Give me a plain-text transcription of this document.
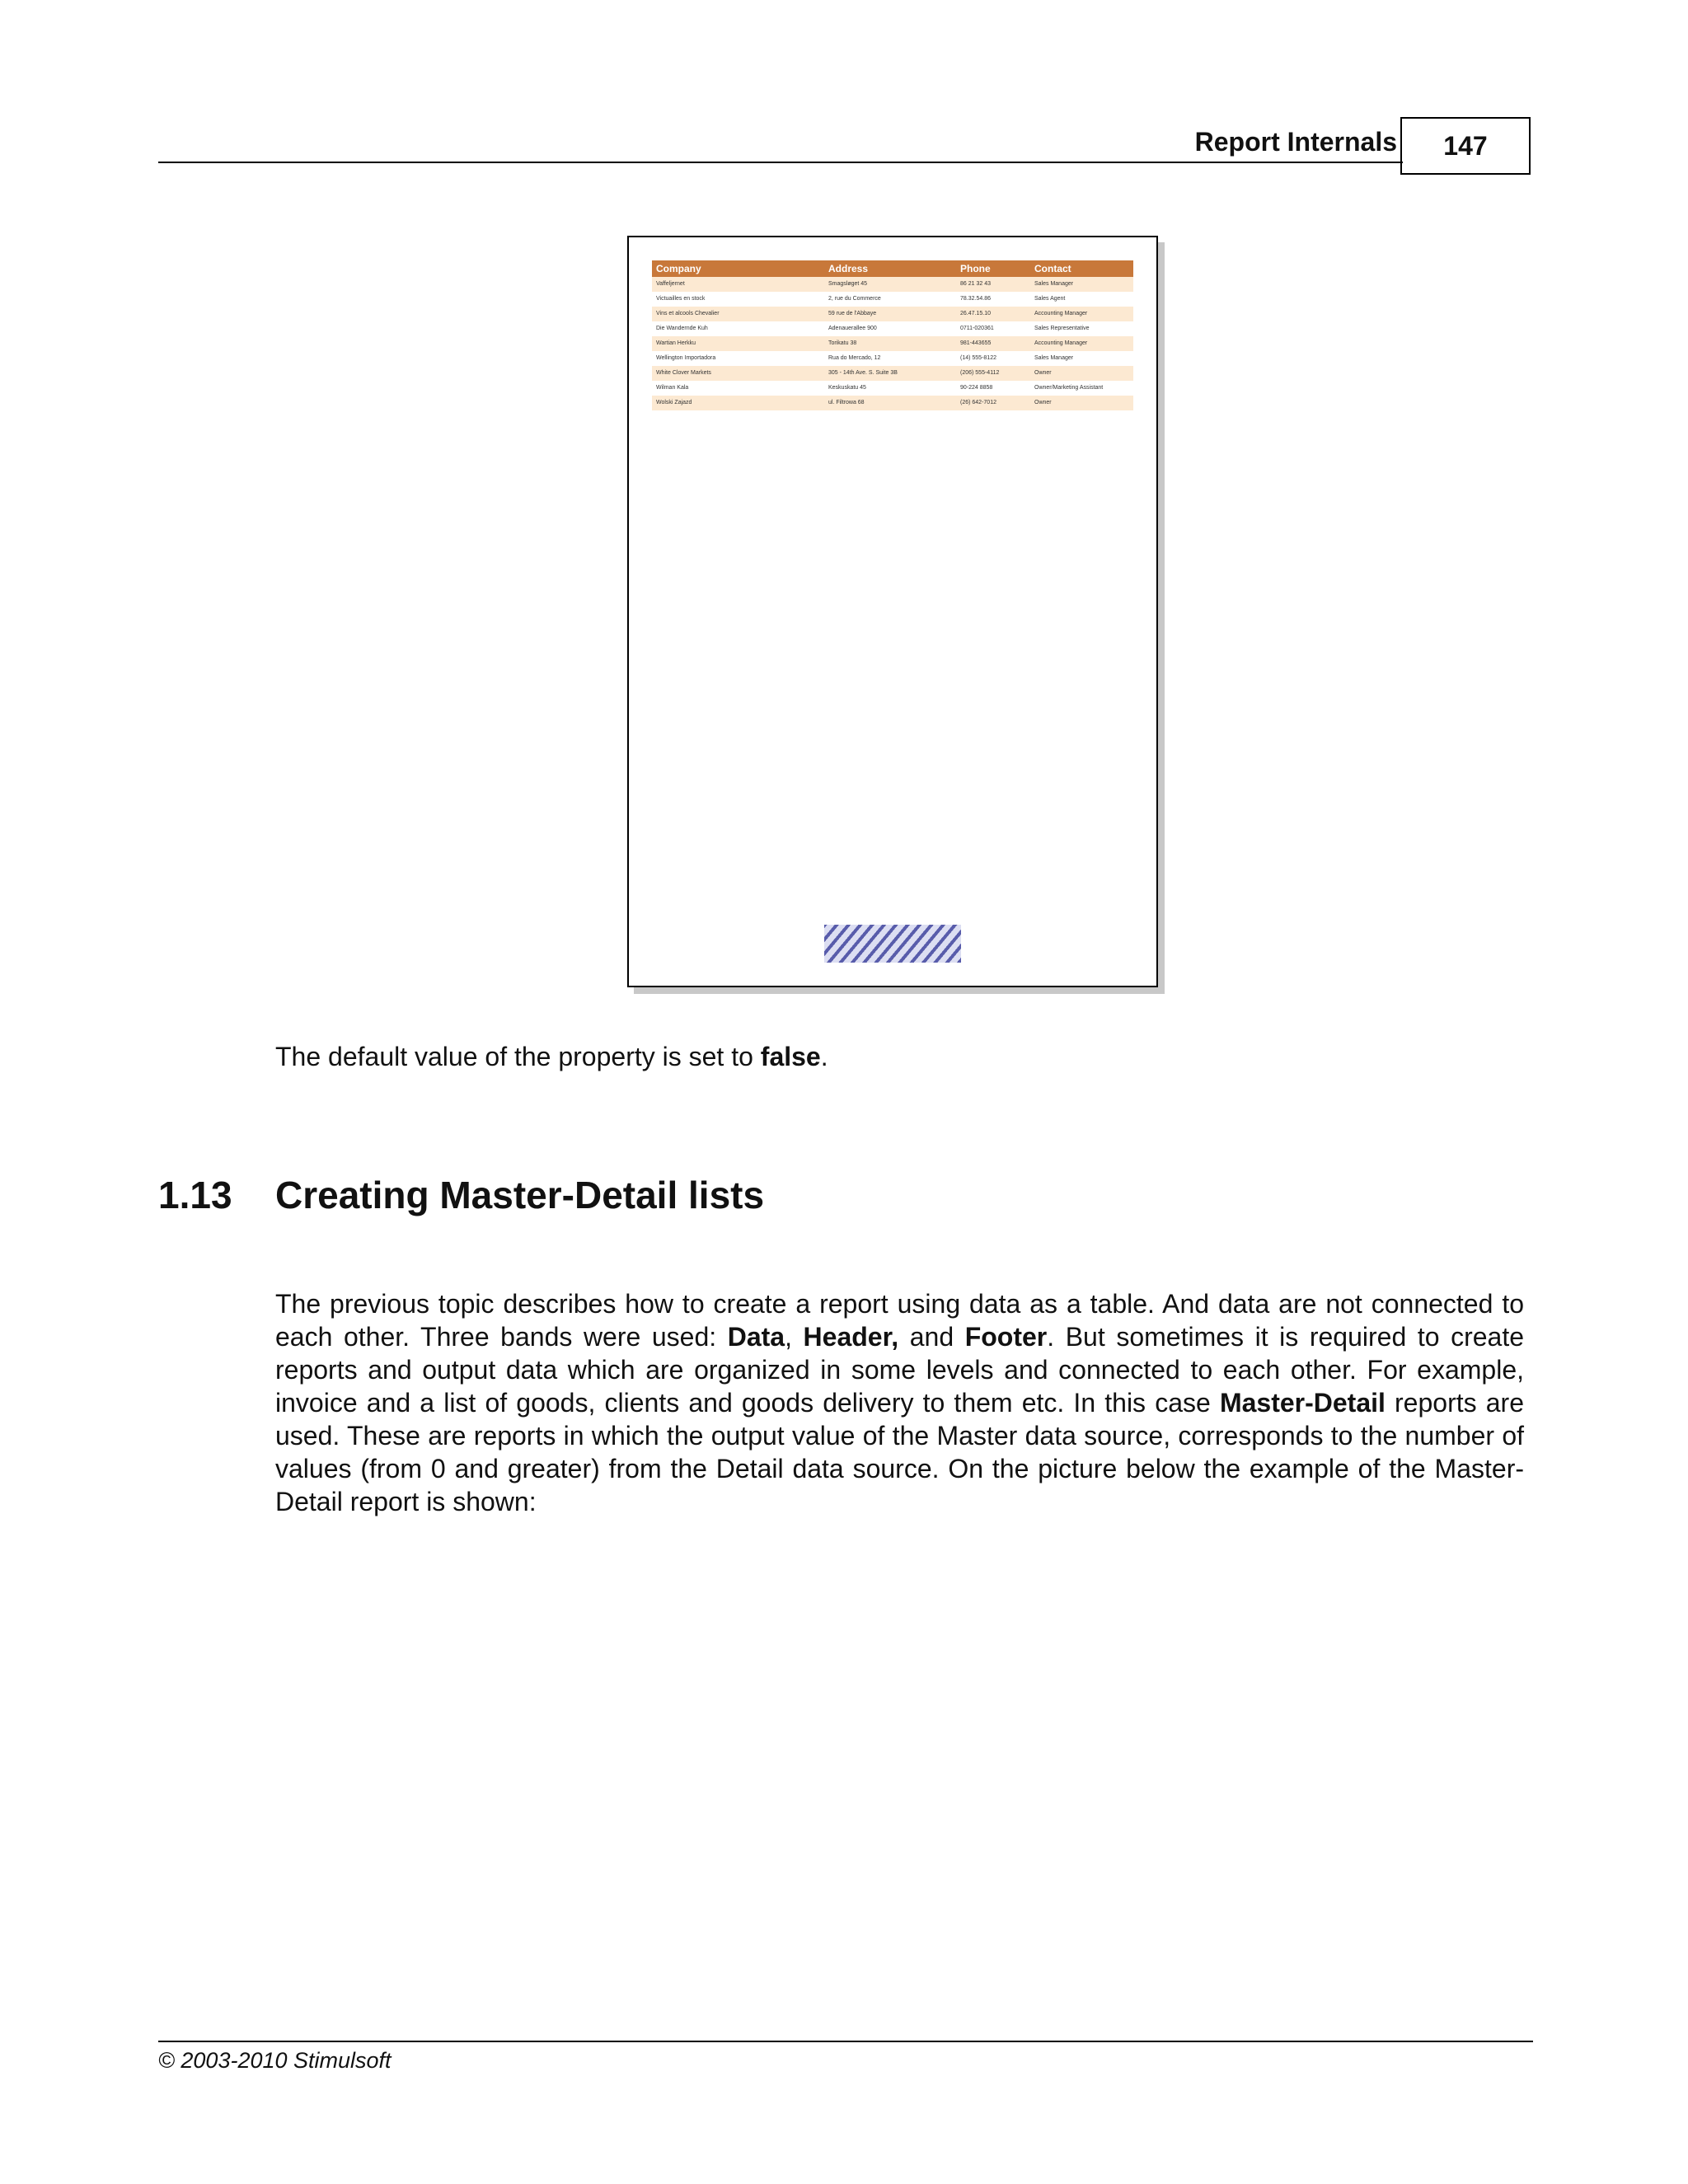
Report Internals 147
Company	Address	Phone	Contact
Vaffeljernet	Smagsløget 45	86 21 32 43	Sales Manager
Victuailles en stock	2, rue du Commerce	78.32.54.86	Sales Agent
Vins et alcools Chevalier	59 rue de l'Abbaye	26.47.15.10	Accounting Manager
Die Wandernde Kuh	Adenauerallee 900	0711-020361	Sales Representative
Wartian Herkku	Torikatu 38	981-443655	Accounting Manager
Wellington Importadora	Rua do Mercado, 12	(14) 555-8122	Sales Manager
White Clover Markets	305 - 14th Ave. S. Suite 3B	(206) 555-4112	Owner
Wilman Kala	Keskuskatu 45	90-224 8858	Owner/Marketing Assistant
Wolski Zajazd	ul. Filtrowa 68	(26) 642-7012	Owner

The default value of the property is set to false.

1.13 Creating Master-Detail lists

The previous topic describes how to create a report using data as a table. And data are not connected to each other. Three bands were used: Data, Header, and Footer. But sometimes it is required to create reports and output data which are organized in some levels and connected to each other. For example, invoice and a list of goods, clients and goods delivery to them etc. In this case Master-Detail reports are used. These are reports in which the output value of the Master data source, corresponds to the number of values (from 0 and greater) from the Detail data source. On the picture below the example of the Master-Detail report is shown:

© 2003-2010 Stimulsoft
